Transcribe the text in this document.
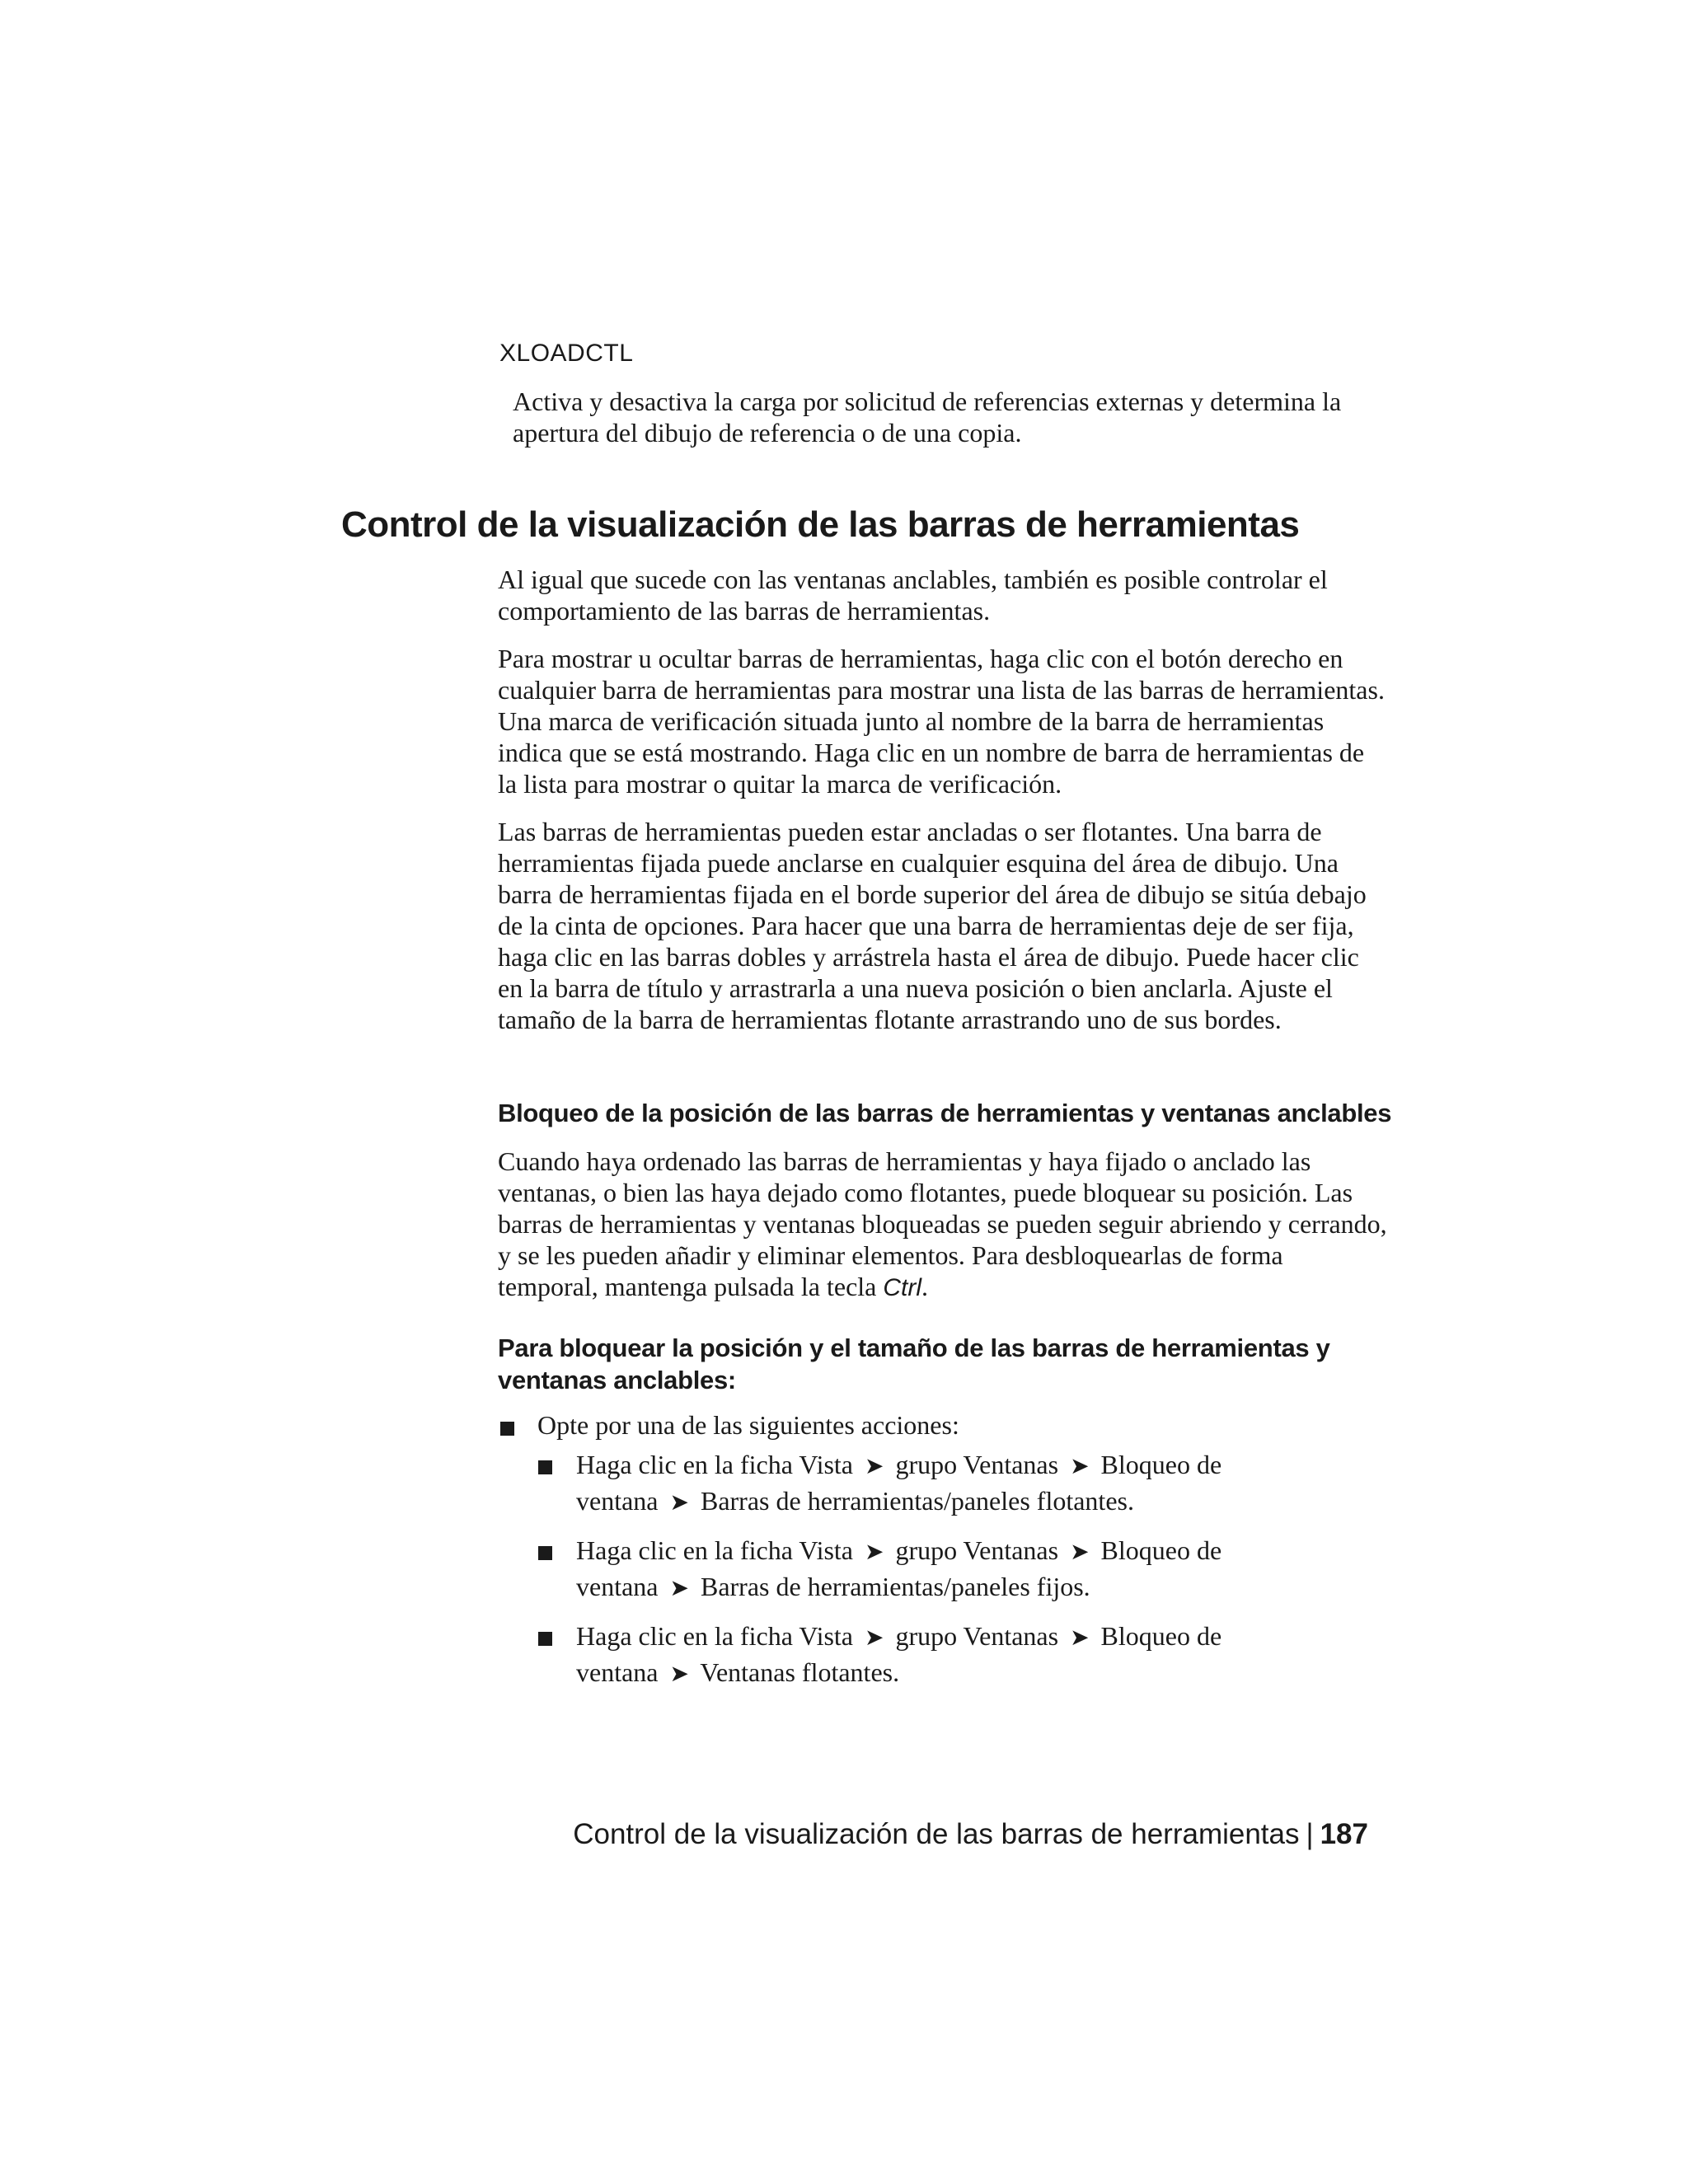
XLOADCTL

Activa y desactiva la carga por solicitud de referencias externas y determina la apertura del dibujo de referencia o de una copia.

Control de la visualización de las barras de herramientas

Al igual que sucede con las ventanas anclables, también es posible controlar el comportamiento de las barras de herramientas.

Para mostrar u ocultar barras de herramientas, haga clic con el botón derecho en cualquier barra de herramientas para mostrar una lista de las barras de herramientas. Una marca de verificación situada junto al nombre de la barra de herramientas indica que se está mostrando. Haga clic en un nombre de barra de herramientas de la lista para mostrar o quitar la marca de verificación.

Las barras de herramientas pueden estar ancladas o ser flotantes. Una barra de herramientas fijada puede anclarse en cualquier esquina del área de dibujo. Una barra de herramientas fijada en el borde superior del área de dibujo se sitúa debajo de la cinta de opciones. Para hacer que una barra de herramientas deje de ser fija, haga clic en las barras dobles y arrástrela hasta el área de dibujo. Puede hacer clic en la barra de título y arrastrarla a una nueva posición o bien anclarla. Ajuste el tamaño de la barra de herramientas flotante arrastrando uno de sus bordes.

Bloqueo de la posición de las barras de herramientas y ventanas anclables

Cuando haya ordenado las barras de herramientas y haya fijado o anclado las ventanas, o bien las haya dejado como flotantes, puede bloquear su posición. Las barras de herramientas y ventanas bloqueadas se pueden seguir abriendo y cerrando, y se les pueden añadir y eliminar elementos. Para desbloquearlas de forma temporal, mantenga pulsada la tecla Ctrl.

Para bloquear la posición y el tamaño de las barras de herramientas y ventanas anclables:

Opte por una de las siguientes acciones:

Haga clic en la ficha Vista ➤ grupo Ventanas ➤ Bloqueo de
ventana ➤ Barras de herramientas/paneles flotantes.

Haga clic en la ficha Vista ➤ grupo Ventanas ➤ Bloqueo de
ventana ➤ Barras de herramientas/paneles fijos.

Haga clic en la ficha Vista ➤ grupo Ventanas ➤ Bloqueo de
ventana ➤ Ventanas flotantes.

Control de la visualización de las barras de herramientas | 187
